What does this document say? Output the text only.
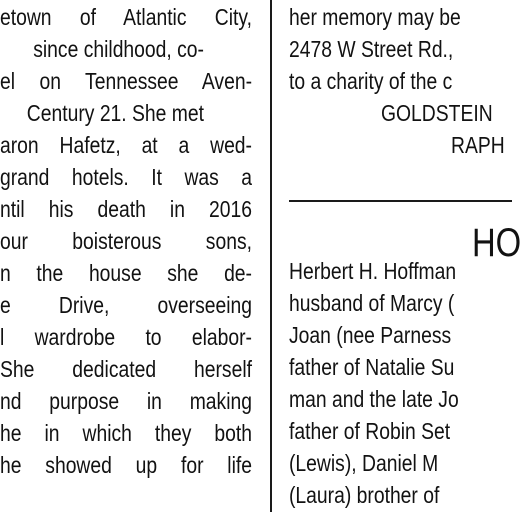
etown of Atlantic City,
since childhood, co-
el on Tennessee Aven-
Century 21. She met
aron Hafetz, at a wed-
grand hotels. It was a
ntil his death in 2016
our boisterous sons,
n the house she de-
e Drive, overseeing
l wardrobe to elabor-
She dedicated herself
nd purpose in making
he in which they both
he showed up for life
her memory may be
2478 W Street Rd.,
to a charity of the c
GOLDSTEIN
RAPH
Herbert H. Hoffman
husband of Marcy (
Joan (nee Parness
father of Natalie Su
man and the late Jo
father of Robin Set
(Lewis), Daniel M
(Laura) brother of
HO
